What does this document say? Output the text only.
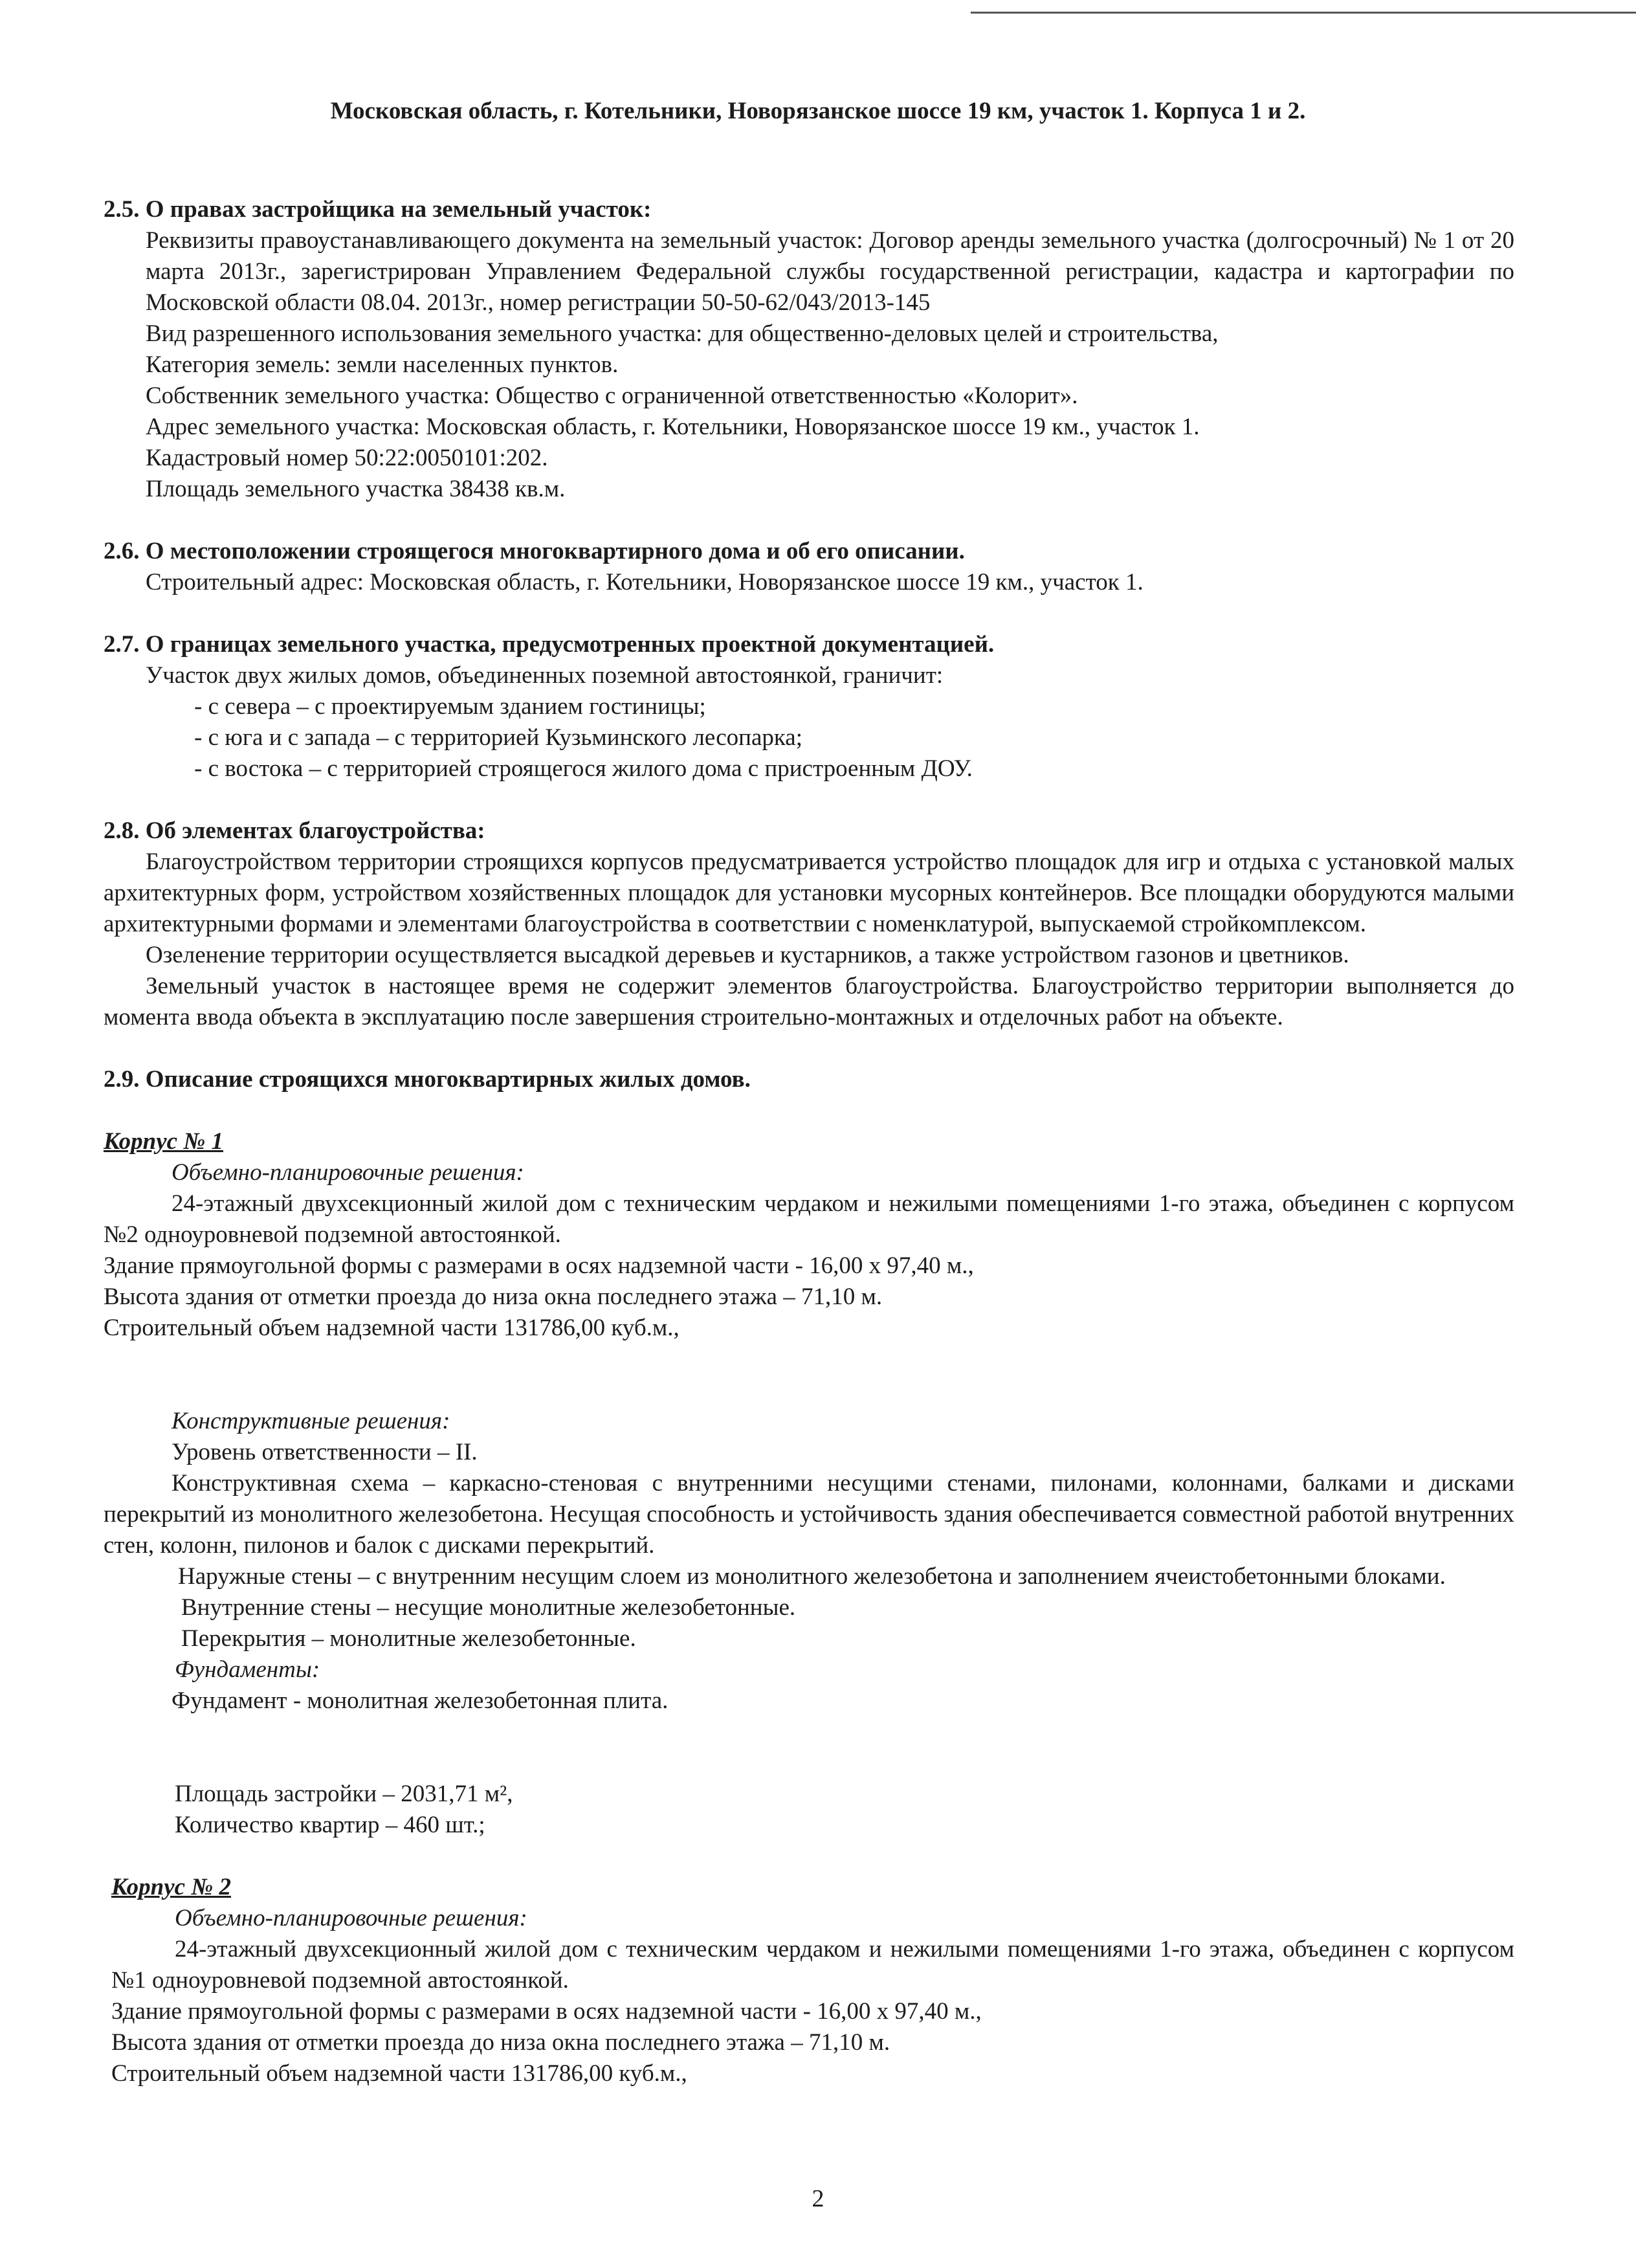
Московская область, г. Котельники, Новорязанское шоссе 19 км, участок 1. Корпуса 1 и 2.

2.5. О правах застройщика на земельный участок:

Реквизиты правоустанавливающего документа на земельный участок: Договор аренды земельного участка (долгосрочный) № 1 от 20 марта 2013г., зарегистрирован Управлением Федеральной службы государственной регистрации, кадастра и картографии по Московской области 08.04. 2013г., номер регистрации 50-50-62/043/2013-145

Вид разрешенного использования земельного участка: для общественно-деловых целей и строительства,

Категория земель: земли населенных пунктов.

Собственник земельного участка: Общество с ограниченной ответственностью «Колорит».

Адрес земельного участка: Московская область, г. Котельники, Новорязанское шоссе 19 км., участок 1.

Кадастровый номер 50:22:0050101:202.

Площадь земельного участка 38438 кв.м.

2.6. О местоположении строящегося многоквартирного дома и об его описании.

Строительный адрес: Московская область, г. Котельники, Новорязанское шоссе 19 км., участок 1.

2.7. О границах земельного участка, предусмотренных проектной документацией.

Участок двух жилых домов, объединенных поземной автостоянкой, граничит:

- с севера – с проектируемым зданием гостиницы;

- с юга и с запада – с территорией Кузьминского лесопарка;

- с востока – с территорией строящегося жилого дома с пристроенным ДОУ.

2.8. Об элементах благоустройства:

Благоустройством территории строящихся корпусов предусматривается устройство площадок для игр и отдыха с установкой малых архитектурных форм, устройством хозяйственных площадок для установки мусорных контейнеров. Все площадки оборудуются малыми архитектурными формами и элементами благоустройства в соответствии с номенклатурой, выпускаемой стройкомплексом.

Озеленение территории осуществляется высадкой деревьев и кустарников, а также устройством газонов и цветников.

Земельный участок в настоящее время не содержит элементов благоустройства. Благоустройство территории выполняется до момента ввода объекта в эксплуатацию после завершения строительно-монтажных и отделочных работ на объекте.

2.9. Описание строящихся многоквартирных жилых домов.

Корпус № 1

Объемно-планировочные решения:

24-этажный двухсекционный жилой дом с техническим чердаком и нежилыми помещениями 1-го этажа, объединен с корпусом №2 одноуровневой подземной автостоянкой.

Здание прямоугольной формы с размерами в осях надземной части - 16,00 х 97,40 м.,

Высота здания от отметки проезда до низа окна последнего этажа – 71,10 м.

Строительный объем надземной части 131786,00 куб.м.,

Конструктивные решения:

Уровень ответственности – II.

Конструктивная схема – каркасно-стеновая с внутренними несущими стенами, пилонами, колоннами, балками и дисками перекрытий из монолитного железобетона. Несущая способность и устойчивость здания обеспечивается совместной работой внутренних стен, колонн, пилонов и балок с дисками перекрытий.

Наружные стены – с внутренним несущим слоем из монолитного железобетона и заполнением ячеистобетонными блоками.

Внутренние стены – несущие монолитные железобетонные.

Перекрытия – монолитные железобетонные.

Фундаменты:

Фундамент - монолитная железобетонная плита.

Площадь застройки – 2031,71 м²,

Количество квартир – 460 шт.;

Корпус № 2

Объемно-планировочные решения:

24-этажный двухсекционный жилой дом с техническим чердаком и нежилыми помещениями 1-го этажа, объединен с корпусом №1 одноуровневой подземной автостоянкой.

Здание прямоугольной формы с размерами в осях надземной части - 16,00 х 97,40 м.,

Высота здания от отметки проезда до низа окна последнего этажа – 71,10 м.

Строительный объем надземной части 131786,00 куб.м.,

2
